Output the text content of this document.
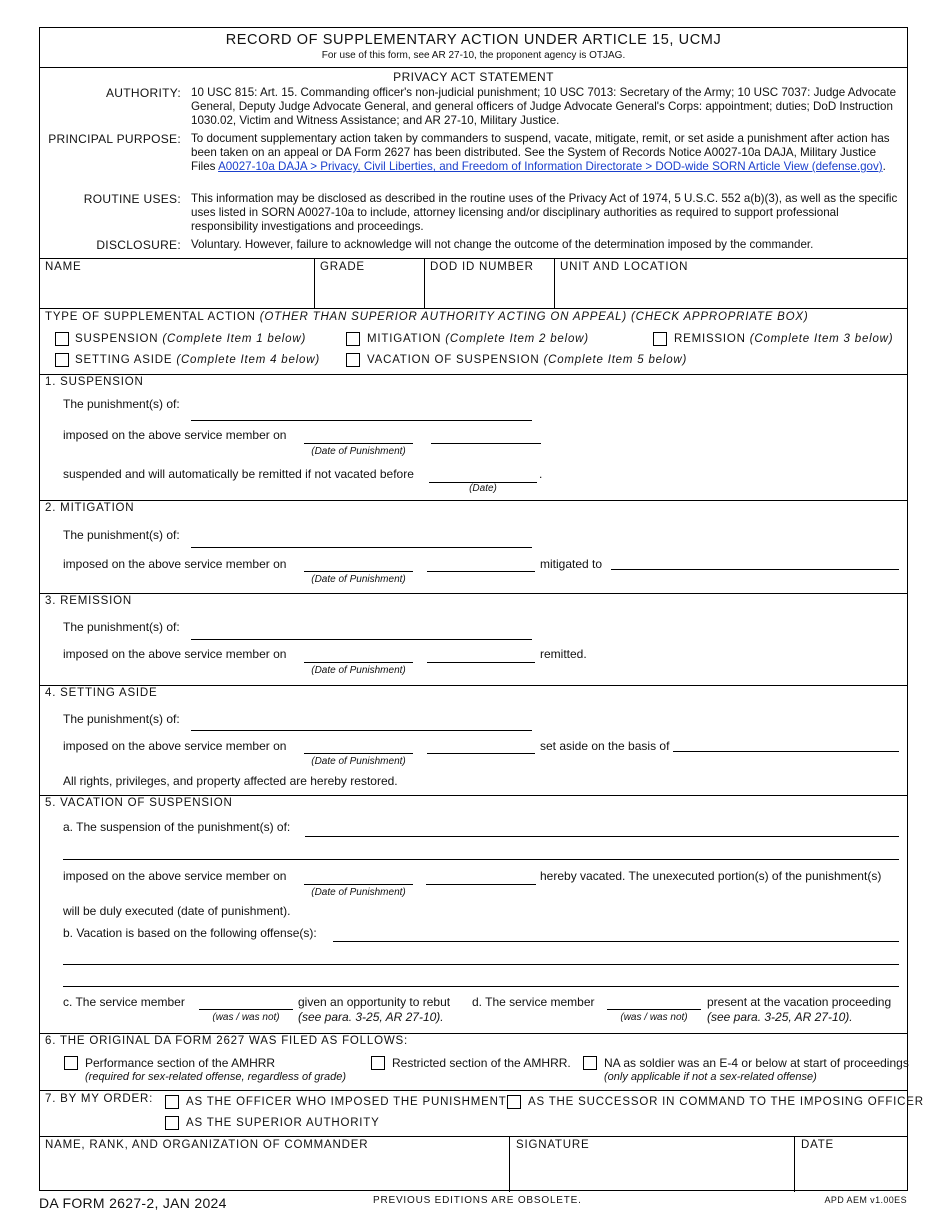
RECORD OF SUPPLEMENTARY ACTION UNDER ARTICLE 15, UCMJ
For use of this form, see AR 27-10, the proponent agency is OTJAG.
PRIVACY ACT STATEMENT
AUTHORITY: 10 USC 815: Art. 15. Commanding officer's non-judicial punishment; 10 USC 7013: Secretary of the Army; 10 USC 7037: Judge Advocate General, Deputy Judge Advocate General, and general officers of Judge Advocate General's Corps: appointment; duties; DoD Instruction 1030.02, Victim and Witness Assistance; and AR 27-10, Military Justice.
PRINCIPAL PURPOSE: To document supplementary action taken by commanders to suspend, vacate, mitigate, remit, or set aside a punishment after action has been taken on an appeal or DA Form 2627 has been distributed. See the System of Records Notice A0027-10a DAJA, Military Justice Files A0027-10a DAJA > Privacy, Civil Liberties, and Freedom of Information Directorate > DOD-wide SORN Article View (defense.gov).
ROUTINE USES: This information may be disclosed as described in the routine uses of the Privacy Act of 1974, 5 U.S.C. 552 a(b)(3), as well as the specific uses listed in SORN A0027-10a to include, attorney licensing and/or disciplinary authorities as required to support professional responsibility investigations and proceedings.
DISCLOSURE: Voluntary. However, failure to acknowledge will not change the outcome of the determination imposed by the commander.
NAME	GRADE	DOD ID NUMBER UNIT AND LOCATION
TYPE OF SUPPLEMENTAL ACTION (OTHER THAN SUPERIOR AUTHORITY ACTING ON APPEAL) (CHECK APPROPRIATE BOX)
SUSPENSION (Complete Item 1 below)	MITIGATION (Complete Item 2 below)	REMISSION (Complete Item 3 below)
SETTING ASIDE (Complete Item 4 below)	VACATION OF SUSPENSION (Complete Item 5 below)
1. SUSPENSION
The punishment(s) of:
imposed on the above service member on
(Date of Punishment)
suspended and will automatically be remitted if not vacated before	.
(Date)
2. MITIGATION
The punishment(s) of:
imposed on the above service member on
(Date of Punishment)
mitigated to
3. REMISSION
The punishment(s) of:
imposed on the above service member on
(Date of Punishment)
remitted.
4. SETTING ASIDE
The punishment(s) of:
imposed on the above service member on
(Date of Punishment)
set aside on the basis of
All rights, privileges, and property affected are hereby restored.
5. VACATION OF SUSPENSION
a. The suspension of the punishment(s) of:
imposed on the above service member on
(Date of Punishment)
hereby vacated. The unexecuted portion(s) of the punishment(s)
will be duly executed (date of punishment).
b. Vacation is based on the following offense(s):
c. The service member
(was / was not)
given an opportunity to rebut
(see para. 3-25, AR 27-10).
d. The service member
(was / was not)
present at the vacation proceeding
(see para. 3-25, AR 27-10).
6. THE ORIGINAL DA FORM 2627 WAS FILED AS FOLLOWS:
Performance section of the AMHRR
(required for sex-related offense, regardless of grade)
Restricted section of the AMHRR.	NA as soldier was an E-4 or below at start of proceedings
(only applicable if not a sex-related offense)
7. BY MY ORDER:	AS THE OFFICER WHO IMPOSED THE PUNISHMENT AS THE SUCCESSOR IN COMMAND TO THE IMPOSING OFFICER
AS THE SUPERIOR AUTHORITY
NAME, RANK, AND ORGANIZATION OF COMMANDER	SIGNATURE	DATE
DA FORM 2627-2, JAN 2024	PREVIOUS EDITIONS ARE OBSOLETE.	APD AEM v1.00ES
